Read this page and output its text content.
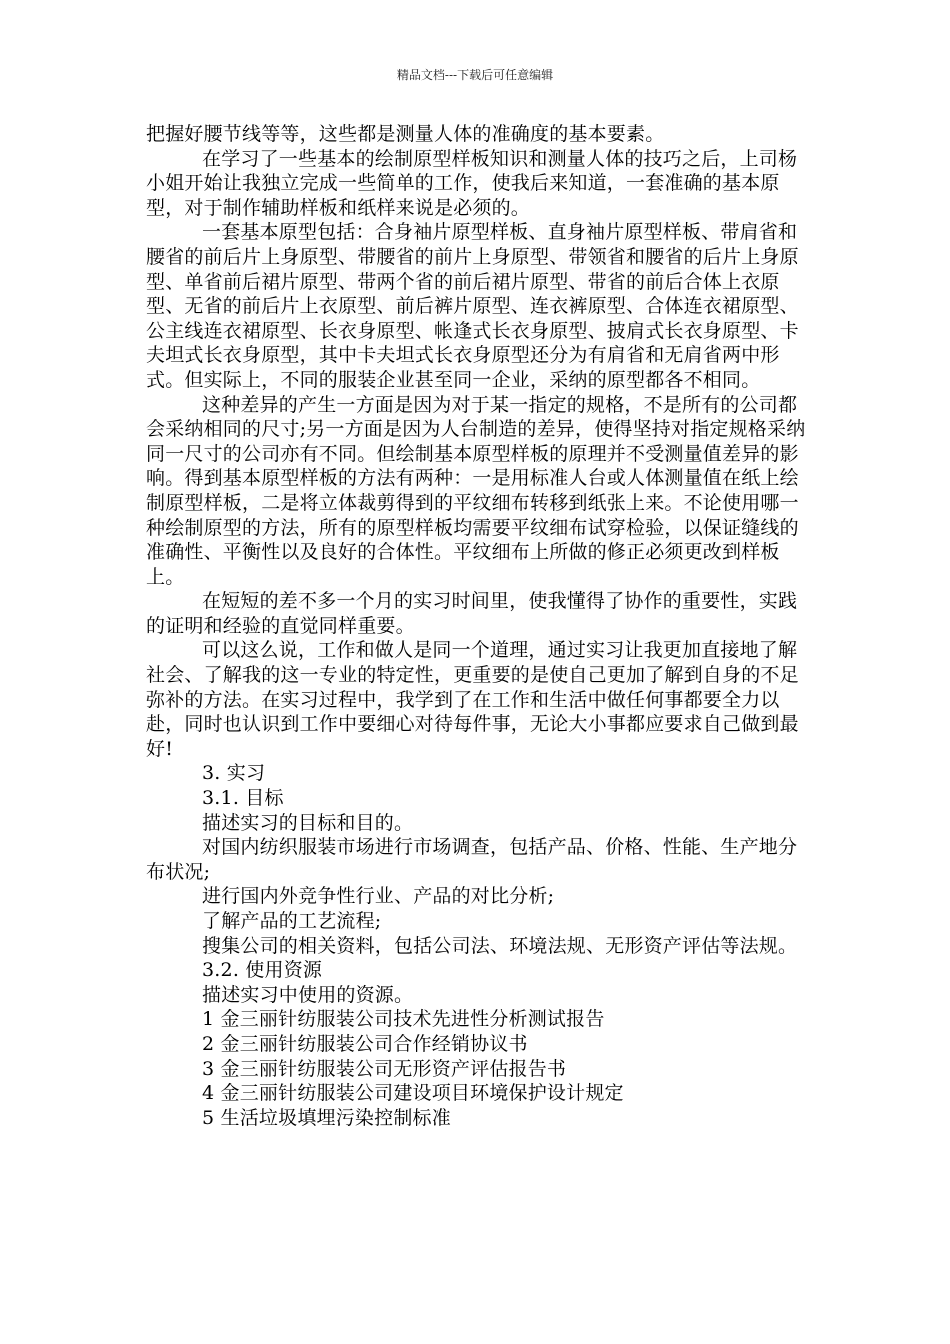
精品文档---下载后可任意编辑

把握好腰节线等等，这些都是测量人体的准确度的基本要素。

在学习了一些基本的绘制原型样板知识和测量人体的技巧之后，上司杨小姐开始让我独立完成一些简单的工作，使我后来知道，一套准确的基本原型，对于制作辅助样板和纸样来说是必须的。

一套基本原型包括：合身袖片原型样板、直身袖片原型样板、带肩省和腰省的前后片上身原型、带腰省的前片上身原型、带领省和腰省的后片上身原型、单省前后裙片原型、带两个省的前后裙片原型、带省的前后合体上衣原型、无省的前后片上衣原型、前后裤片原型、连衣裤原型、合体连衣裙原型、公主线连衣裙原型、长衣身原型、帐逢式长衣身原型、披肩式长衣身原型、卡夫坦式长衣身原型，其中卡夫坦式长衣身原型还分为有肩省和无肩省两中形式。但实际上，不同的服装企业甚至同一企业，采纳的原型都各不相同。

这种差异的产生一方面是因为对于某一指定的规格，不是所有的公司都会采纳相同的尺寸;另一方面是因为人台制造的差异，使得坚持对指定规格采纳同一尺寸的公司亦有不同。但绘制基本原型样板的原理并不受测量值差异的影响。得到基本原型样板的方法有两种：一是用标准人台或人体测量值在纸上绘制原型样板，二是将立体裁剪得到的平纹细布转移到纸张上来。不论使用哪一种绘制原型的方法，所有的原型样板均需要平纹细布试穿检验，以保证缝线的准确性、平衡性以及良好的合体性。平纹细布上所做的修正必须更改到样板上。

在短短的差不多一个月的实习时间里，使我懂得了协作的重要性，实践的证明和经验的直觉同样重要。

可以这么说，工作和做人是同一个道理，通过实习让我更加直接地了解社会、了解我的这一专业的特定性，更重要的是使自己更加了解到自身的不足弥补的方法。在实习过程中，我学到了在工作和生活中做任何事都要全力以赴，同时也认识到工作中要细心对待每件事，无论大小事都应要求自己做到最好!

3. 实习
3.1. 目标
描述实习的目标和目的。

对国内纺织服装市场进行市场调查，包括产品、价格、性能、生产地分布状况;

进行国内外竞争性行业、产品的对比分析;
了解产品的工艺流程;

搜集公司的相关资料，包括公司法、环境法规、无形资产评估等法规。

3.2. 使用资源
描述实习中使用的资源。
1 金三丽针纺服装公司技术先进性分析测试报告
2 金三丽针纺服装公司合作经销协议书
3 金三丽针纺服装公司无形资产评估报告书
4 金三丽针纺服装公司建设项目环境保护设计规定
5 生活垃圾填埋污染控制标准
